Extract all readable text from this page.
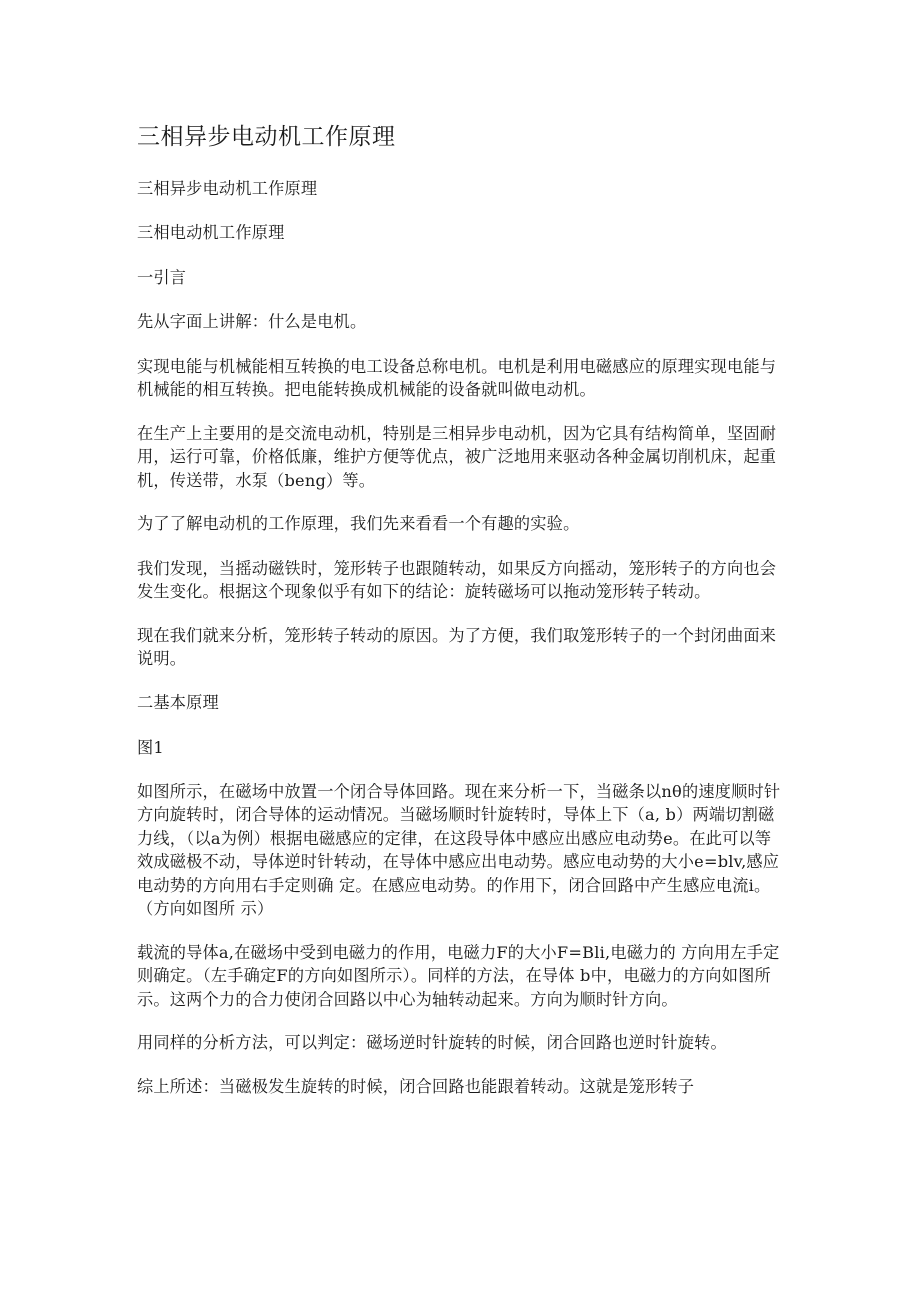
三相异步电动机工作原理

三相异步电动机工作原理

三相电动机工作原理

一引言

先从字面上讲解：什么是电机。

实现电能与机械能相互转换的电工设备总称电机。电机是利用电磁感应的原理实现电能与机械能的相互转换。把电能转换成机械能的设备就叫做电动机。

在生产上主要用的是交流电动机，特别是三相异步电动机，因为它具有结构简单，坚固耐用，运行可靠，价格低廉，维护方便等优点，被广泛地用来驱动各种金属切削机床，起重机，传送带，水泵（beng）等。

为了了解电动机的工作原理，我们先来看看一个有趣的实验。

我们发现，当摇动磁铁时，笼形转子也跟随转动，如果反方向摇动，笼形转子的方向也会发生变化。根据这个现象似乎有如下的结论：旋转磁场可以拖动笼形转子转动。

现在我们就来分析，笼形转子转动的原因。为了方便，我们取笼形转子的一个封闭曲面来说明。

二基本原理

图1

如图所示，在磁场中放置一个闭合导体回路。现在来分析一下，当磁条以nθ的速度顺时针方向旋转时，闭合导体的运动情况。当磁场顺时针旋转时，导体上下（a, b）两端切割磁力线，（以a为例）根据电磁感应的定律，在这段导体中感应出感应电动势e。在此可以等效成磁极不动，导体逆时针转动，在导体中感应出电动势。感应电动势的大小e=blv,感应电动势的方向用右手定则确 定。在感应电动势。的作用下，闭合回路中产生感应电流i。（方向如图所 示）

载流的导体a,在磁场中受到电磁力的作用，电磁力F的大小F=Bli,电磁力的 方向用左手定则确定。（左手确定F的方向如图所示）。同样的方法，在导体 b中，电磁力的方向如图所示。这两个力的合力使闭合回路以中心为轴转动起来。方向为顺时针方向。

用同样的分析方法，可以判定：磁场逆时针旋转的时候，闭合回路也逆时针旋转。

综上所述：当磁极发生旋转的时候，闭合回路也能跟着转动。这就是笼形转子
